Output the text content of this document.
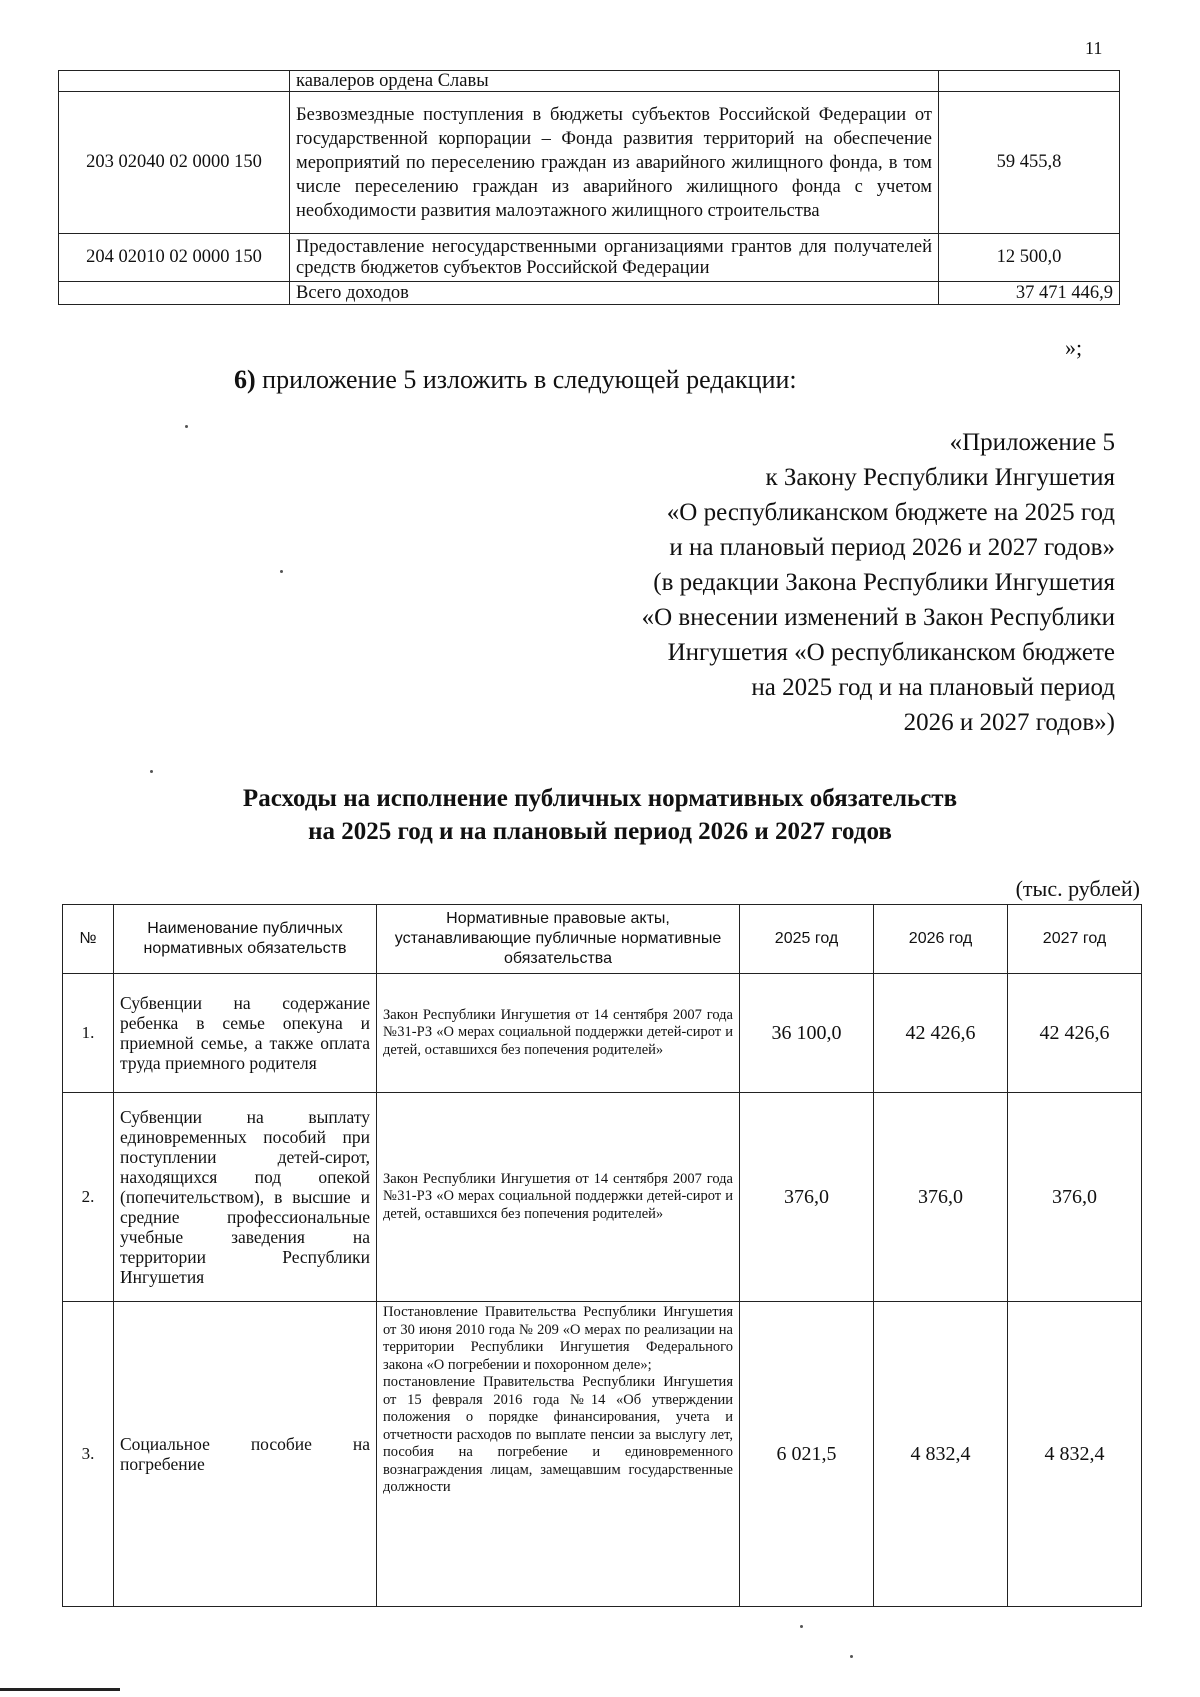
11
	кавалеров ордена Славы	
203 02040 02 0000 150	Безвозмездные поступления в бюджеты субъектов Российской Федерации от государственной корпорации – Фонда развития территорий на обеспечение мероприятий по переселению граждан из аварийного жилищного фонда, в том числе переселению граждан из аварийного жилищного фонда с учетом необходимости развития малоэтажного жилищного строительства	59 455,8
204 02010 02 0000 150	Предоставление негосударственными организациями грантов для получателей средств бюджетов субъектов Российской Федерации	12 500,0
	Всего доходов	37 471 446,9
»;
6) приложение 5 изложить в следующей редакции:
«Приложение 5
к Закону Республики Ингушетия
«О республиканском бюджете на 2025 год
и на плановый период 2026 и 2027 годов»
(в редакции Закона Республики Ингушетия
«О внесении изменений в Закон Республики
Ингушетия «О республиканском бюджете
на 2025 год и на плановый период
2026 и 2027 годов»)
Расходы на исполнение публичных нормативных обязательств
на 2025 год и на плановый период 2026 и 2027 годов
(тыс. рублей)
№	Наименование публичных нормативных обязательств	Нормативные правовые акты, устанавливающие публичные нормативные обязательства	2025 год	2026 год	2027 год
1.	Субвенции на содержание ребенка в семье опекуна и приемной семье, а также оплата труда приемного родителя	Закон Республики Ингушетия от 14 сентября 2007 года №31-РЗ «О мерах социальной поддержки детей-сирот и детей, оставшихся без попечения родителей»	36 100,0	42 426,6	42 426,6
2.	Субвенции на выплату единовременных пособий при поступлении детей-сирот, находящихся под опекой (попечительством), в высшие и средние профессиональные учебные заведения на территории Республики Ингушетия	Закон Республики Ингушетия от 14 сентября 2007 года №31-РЗ «О мерах социальной поддержки детей-сирот и детей, оставшихся без попечения родителей»	376,0	376,0	376,0
3.	Социальное пособие на погребение	Постановление Правительства Республики Ингушетия от 30 июня 2010 года № 209 «О мерах по реализации на территории Республики Ингушетия Федерального закона «О погребении и похоронном деле»;
постановление Правительства Республики Ингушетия от 15 февраля 2016 года №14 «Об утверждении положения о порядке финансирования, учета и отчетности расходов по выплате пенсии за выслугу лет, пособия на погребение и единовременного вознаграждения лицам, замещавшим государственные должности	6 021,5	4 832,4	4 832,4
